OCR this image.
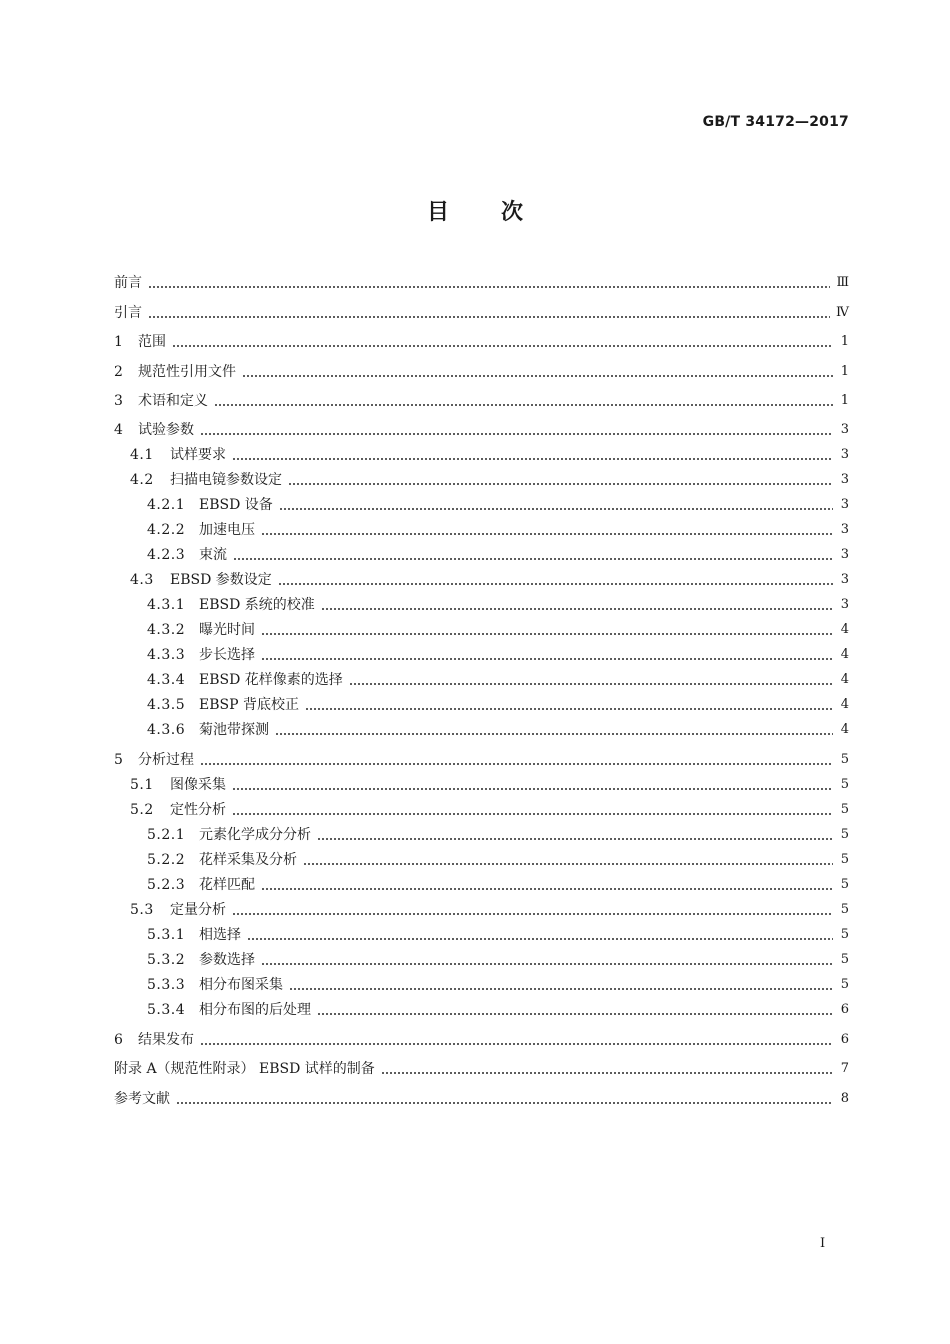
GB/T 34172—2017
目 次
前言	Ⅲ
引言	Ⅳ
1 范围	1
2 规范性引用文件	1
3 术语和定义	1
4 试验参数	3
4.1 试样要求	3
4.2 扫描电镜参数设定	3
4.2.1 EBSD 设备	3
4.2.2 加速电压	3
4.2.3 束流	3
4.3 EBSD 参数设定	3
4.3.1 EBSD 系统的校准	3
4.3.2 曝光时间	4
4.3.3 步长选择	4
4.3.4 EBSD 花样像素的选择	4
4.3.5 EBSP 背底校正	4
4.3.6 菊池带探测	4
5 分析过程	5
5.1 图像采集	5
5.2 定性分析	5
5.2.1 元素化学成分分析	5
5.2.2 花样采集及分析	5
5.2.3 花样匹配	5
5.3 定量分析	5
5.3.1 相选择	5
5.3.2 参数选择	5
5.3.3 相分布图采集	5
5.3.4 相分布图的后处理	6
6 结果发布	6
附录 A（规范性附录） EBSD 试样的制备	7
参考文献	8
Ⅰ
